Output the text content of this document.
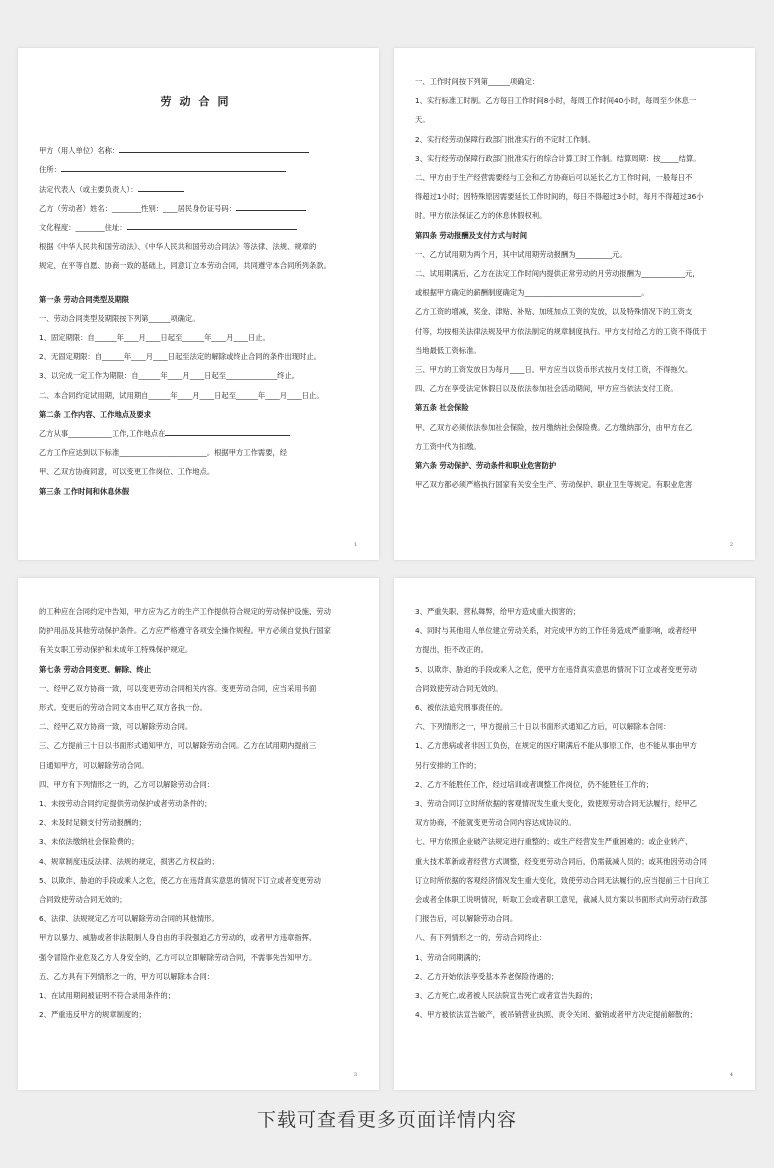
劳动合同
甲方（用人单位）名称：
住所：
法定代表人（或主要负责人）：
乙方（劳动者）姓名：________性别：____居民身份证号码：
文化程度：________住址：
根据《中华人民共和国劳动法》、《中华人民共和国劳动合同法》等法律、法规、规章的
规定，在平等自愿、协商一致的基础上，同意订立本劳动合同，共同遵守本合同所列条款。
第一条 劳动合同类型及期限
一、劳动合同类型及期限按下列第______项确定。
1、固定期限：自______年____月____日起至______年____月____日止。
2、无固定期限：自______年____月____日起至法定的解除或终止合同的条件出现时止。
3、以完成一定工作为期限：自______年____月____日起至______________终止。
二、本合同约定试用期，试用期自______年____月____日起至______年____月____日止。
第二条 工作内容、工作地点及要求
乙方从事____________工作,工作地点在
乙方工作应达到以下标准________________________。根据甲方工作需要，经
甲、乙双方协商同意，可以变更工作岗位、工作地点。
第三条 工作时间和休息休假
1
一、工作时间按下列第______项确定：
1、实行标准工时制。乙方每日工作时间8小时，每周工作时间40小时，每周至少休息一
天。
2、实行经劳动保障行政部门批准实行的不定时工作制。
3、实行经劳动保障行政部门批准实行的综合计算工时工作制。结算周期：按_____结算。
二、甲方由于生产经营需要经与工会和乙方协商后可以延长乙方工作时间，一般每日不
得超过1小时；因特殊原因需要延长工作时间的，每日不得超过3小时，每月不得超过36小
时。甲方依法保证乙方的休息休假权利。
第四条 劳动报酬及支付方式与时间
一、乙方试用期为两个月，其中试用期劳动报酬为__________元。
二、试用期满后，乙方在法定工作时间内提供正常劳动的月劳动报酬为____________元，
或根据甲方确定的薪酬制度确定为________________________________。
乙方工资的增减，奖金、津贴、补贴、加班加点工资的发放，以及特殊情况下的工资支
付等，均按相关法律法规及甲方依法制定的规章制度执行。甲方支付给乙方的工资不得低于
当地最低工资标准。
三、甲方的工资发放日为每月____日。甲方应当以货币形式按月支付工资，不得拖欠。
四、乙方在享受法定休假日以及依法参加社会活动期间，甲方应当依法支付工资。
第五条 社会保险
甲、乙双方必须依法参加社会保险，按月缴纳社会保险费。乙方缴纳部分，由甲方在乙
方工资中代为扣缴。
第六条 劳动保护、劳动条件和职业危害防护
甲乙双方都必须严格执行国家有关安全生产、劳动保护、职业卫生等规定。有职业危害
2
的工种应在合同约定中告知，甲方应为乙方的生产工作提供符合规定的劳动保护设施、劳动
防护用品及其他劳动保护条件。乙方应严格遵守各项安全操作规程。甲方必须自觉执行国家
有关女职工劳动保护和未成年工特殊保护规定。
第七条 劳动合同变更、解除、终止
一、经甲乙双方协商一致，可以变更劳动合同相关内容。变更劳动合同，应当采用书面
形式。变更后的劳动合同文本由甲乙双方各执一份。
二、经甲乙双方协商一致，可以解除劳动合同。
三、乙方提前三十日以书面形式通知甲方，可以解除劳动合同。乙方在试用期内提前三
日通知甲方，可以解除劳动合同。
四、甲方有下列情形之一的，乙方可以解除劳动合同：
1、未按劳动合同约定提供劳动保护或者劳动条件的；
2、未及时足额支付劳动报酬的；
3、未依法缴纳社会保险费的；
4、规章制度违反法律、法规的规定，损害乙方权益的；
5、以欺诈、胁迫的手段或乘人之危，使乙方在违背真实意思的情况下订立或者变更劳动
合同致使劳动合同无效的；
6、法律、法规规定乙方可以解除劳动合同的其他情形。
甲方以暴力、威胁或者非法限制人身自由的手段强迫乙方劳动的，或者甲方违章指挥、
强令冒险作业危及乙方人身安全的，乙方可以立即解除劳动合同，不需事先告知甲方。
五、乙方具有下列情形之一的，甲方可以解除本合同：
1、在试用期间被证明不符合录用条件的；
2、严重违反甲方的规章制度的；
3
3、严重失职、营私舞弊，给甲方造成重大损害的；
4、同时与其他用人单位建立劳动关系，对完成甲方的工作任务造成严重影响，或者经甲
方提出，拒不改正的。
5、以欺诈、胁迫的手段或乘人之危，使甲方在违背真实意思的情况下订立或者变更劳动
合同致使劳动合同无效的。
6、被依法追究刑事责任的。
六、下列情形之一，甲方提前三十日以书面形式通知乙方后，可以解除本合同：
1、乙方患病或者非因工负伤，在规定的医疗期满后不能从事原工作，也不能从事由甲方
另行安排的工作的；
2、乙方不能胜任工作，经过培训或者调整工作岗位，仍不能胜任工作的；
3、劳动合同订立时所依据的客观情况发生重大变化，致使原劳动合同无法履行，经甲乙
双方协商，不能就变更劳动合同内容达成协议的。
七、甲方依照企业破产法规定进行重整的；或生产经营发生严重困难的；或企业转产、
重大技术革新或者经营方式调整，经变更劳动合同后，仍需裁减人员的；或其他因劳动合同
订立时所依据的客观经济情况发生重大变化，致使劳动合同无法履行的,应当提前三十日向工
会或者全体职工说明情况，听取工会或者职工意见，裁减人员方案以书面形式向劳动行政部
门报告后，可以解除劳动合同。
八、有下列情形之一的，劳动合同终止：
1、劳动合同期满的；
2、乙方开始依法享受基本养老保险待遇的；
3、乙方死亡,或者被人民法院宣告死亡或者宣告失踪的；
4、甲方被依法宣告破产，被吊销营业执照、责令关闭、撤销或者甲方决定提前解散的；
4
下载可查看更多页面详情内容
